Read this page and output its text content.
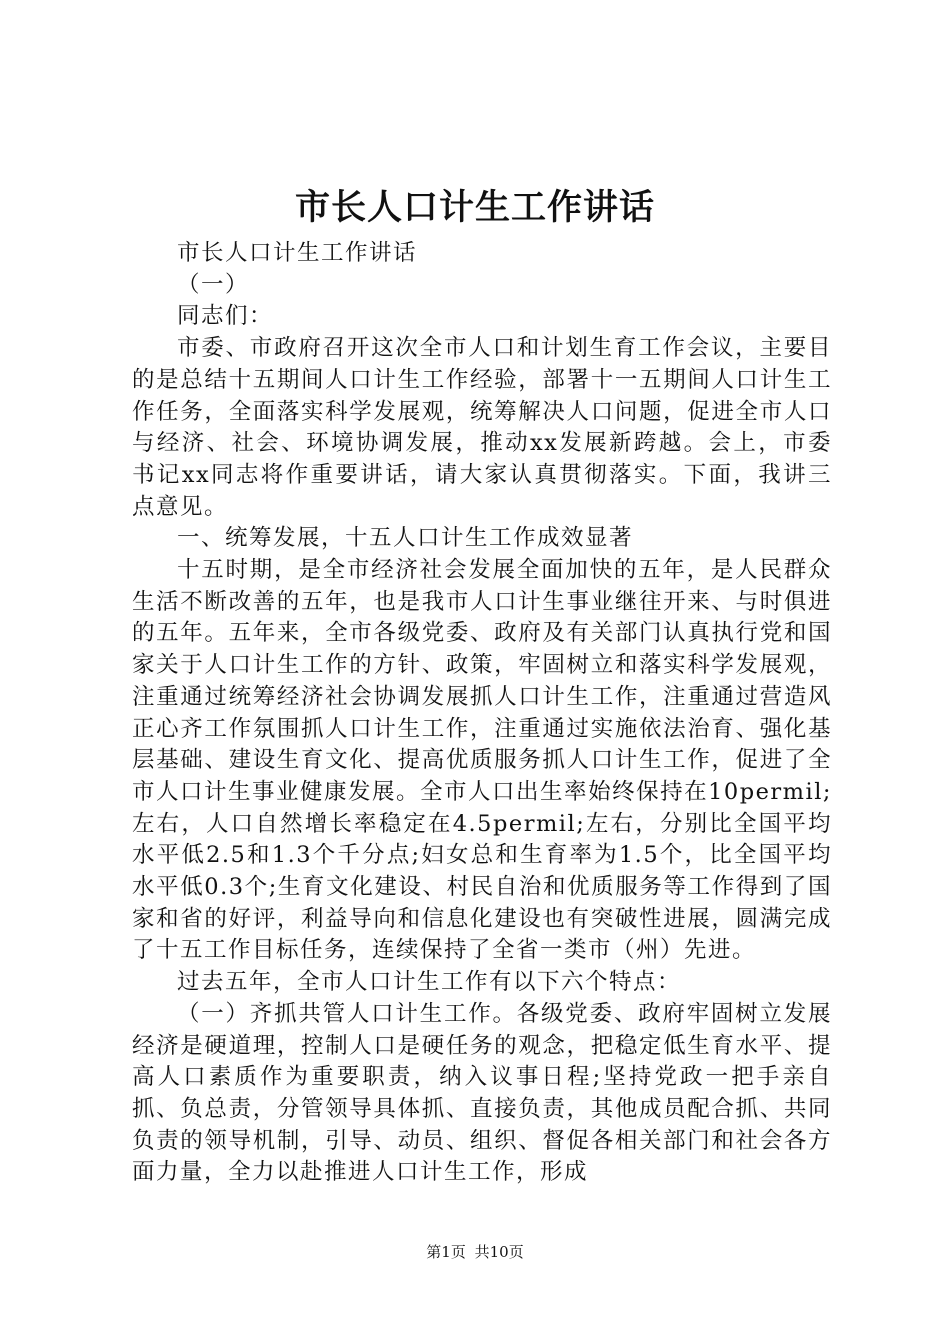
市长人口计生工作讲话

市长人口计生工作讲话

（一）

同志们：

市委、市政府召开这次全市人口和计划生育工作会议，主要目的是总结十五期间人口计生工作经验，部署十一五期间人口计生工作任务，全面落实科学发展观，统筹解决人口问题，促进全市人口与经济、社会、环境协调发展，推动xx发展新跨越。会上，市委书记xx同志将作重要讲话，请大家认真贯彻落实。下面，我讲三点意见。

一、统筹发展，十五人口计生工作成效显著

十五时期，是全市经济社会发展全面加快的五年，是人民群众生活不断改善的五年，也是我市人口计生事业继往开来、与时俱进的五年。五年来，全市各级党委、政府及有关部门认真执行党和国家关于人口计生工作的方针、政策，牢固树立和落实科学发展观，注重通过统筹经济社会协调发展抓人口计生工作，注重通过营造风正心齐工作氛围抓人口计生工作，注重通过实施依法治育、强化基层基础、建设生育文化、提高优质服务抓人口计生工作，促进了全市人口计生事业健康发展。全市人口出生率始终保持在10permil;左右，人口自然增长率稳定在4.5permil;左右，分别比全国平均水平低2.5和1.3个千分点;妇女总和生育率为1.5个，比全国平均水平低0.3个;生育文化建设、村民自治和优质服务等工作得到了国家和省的好评，利益导向和信息化建设也有突破性进展，圆满完成了十五工作目标任务，连续保持了全省一类市（州）先进。

过去五年，全市人口计生工作有以下六个特点：

（一）齐抓共管人口计生工作。各级党委、政府牢固树立发展经济是硬道理，控制人口是硬任务的观念，把稳定低生育水平、提高人口素质作为重要职责，纳入议事日程;坚持党政一把手亲自抓、负总责，分管领导具体抓、直接负责，其他成员配合抓、共同负责的领导机制，引导、动员、组织、督促各相关部门和社会各方面力量，全力以赴推进人口计生工作，形成

第1页 共10页
